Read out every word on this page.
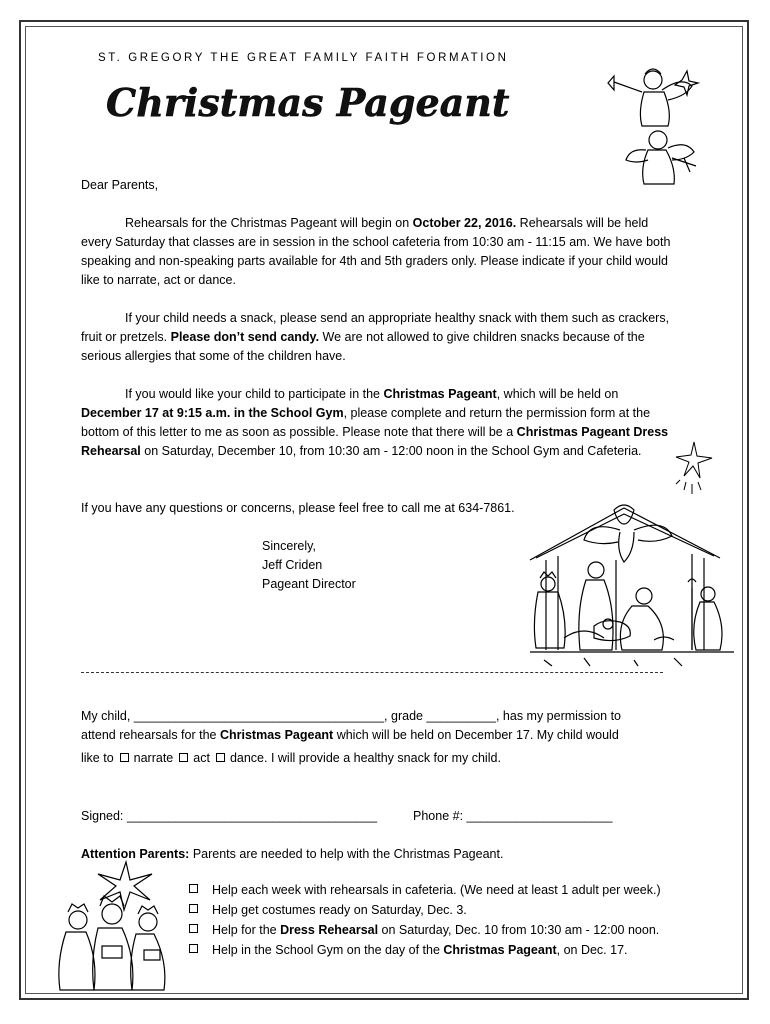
ST. GREGORY THE GREAT FAMILY FAITH FORMATION
Christmas Pageant
Dear Parents,
Rehearsals for the Christmas Pageant will begin on October 22, 2016. Rehearsals will be held every Saturday that classes are in session in the school cafeteria from 10:30 am - 11:15 am. We have both speaking and non-speaking parts available for 4th and 5th graders only. Please indicate if your child would like to narrate, act or dance.
If your child needs a snack, please send an appropriate healthy snack with them such as crackers, fruit or pretzels. Please don’t send candy. We are not allowed to give children snacks because of the serious allergies that some of the children have.
If you would like your child to participate in the Christmas Pageant, which will be held on December 17 at 9:15 a.m. in the School Gym, please complete and return the permission form at the bottom of this letter to me as soon as possible. Please note that there will be a Christmas Pageant Dress Rehearsal on Saturday, December 10, from 10:30 am - 12:00 noon in the School Gym and Cafeteria.
If you have any questions or concerns, please feel free to call me at 634-7861.
Sincerely,
Jeff Criden
Pageant Director
My child, ____________________________________, grade __________, has my permission to
attend rehearsals for the Christmas Pageant which will be held on December 17. My child would
like to narrate act dance. I will provide a healthy snack for my child.
Signed: ____________________________________	Phone #: _____________________
Attention Parents: Parents are needed to help with the Christmas Pageant.
Help each week with rehearsals in cafeteria. (We need at least 1 adult per week.)
Help get costumes ready on Saturday, Dec. 3.
Help for the Dress Rehearsal on Saturday, Dec. 10 from 10:30 am - 12:00 noon.
Help in the School Gym on the day of the Christmas Pageant, on Dec. 17.
